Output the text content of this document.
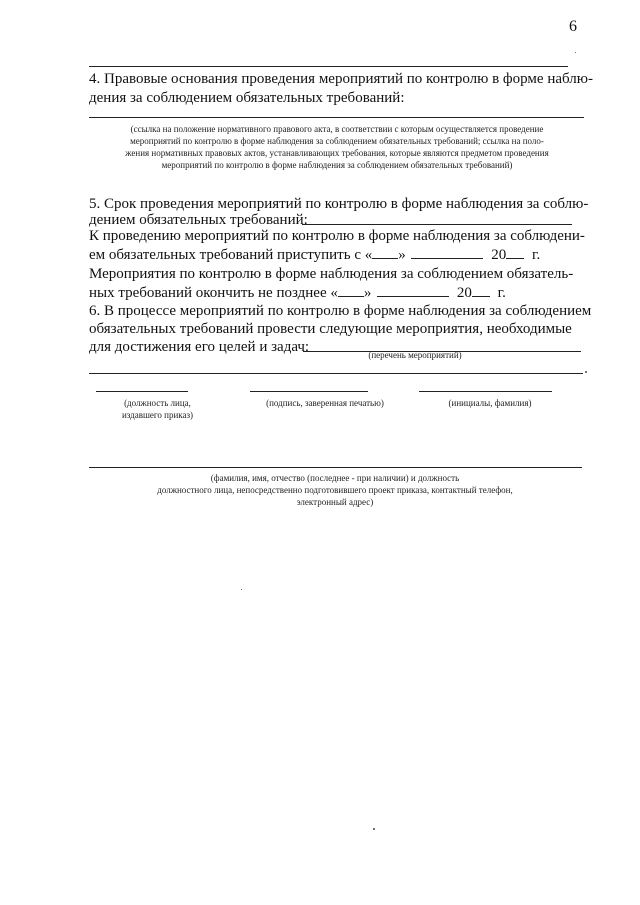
6
4. Правовые основания проведения мероприятий по контролю в форме наблю-
дения за соблюдением обязательных требований:
(ссылка на положение нормативного правового акта, в соответствии с которым осуществляется проведение
мероприятий по контролю в форме наблюдения за соблюдением обязательных требований; ссылка на поло-
жения нормативных правовых актов, устанавливающих требования, которые являются предметом проведения
мероприятий по контролю в форме наблюдения за соблюдением обязательных требований)
5. Срок проведения мероприятий по контролю в форме наблюдения за соблю-
дением обязательных требований:
К проведению мероприятий по контролю в форме наблюдения за соблюдени-
ем обязательных требований приступить с « »	20 г.
Мероприятия по контролю в форме наблюдения за соблюдением обязатель-
ных требований окончить не позднее « »	20 г.
6. В процессе мероприятий по контролю в форме наблюдения за соблюдением
обязательных требований провести следующие мероприятия, необходимые
для достижения его целей и задач:	(перечень мероприятий)
(должность лица,
издавшего приказ)
(подпись, заверенная печатью)	(инициалы, фамилия)
(фамилия, имя, отчество (последнее - при наличии) и должность
должностного лица, непосредственно подготовившего проект приказа, контактный телефон,
электронный адрес)
